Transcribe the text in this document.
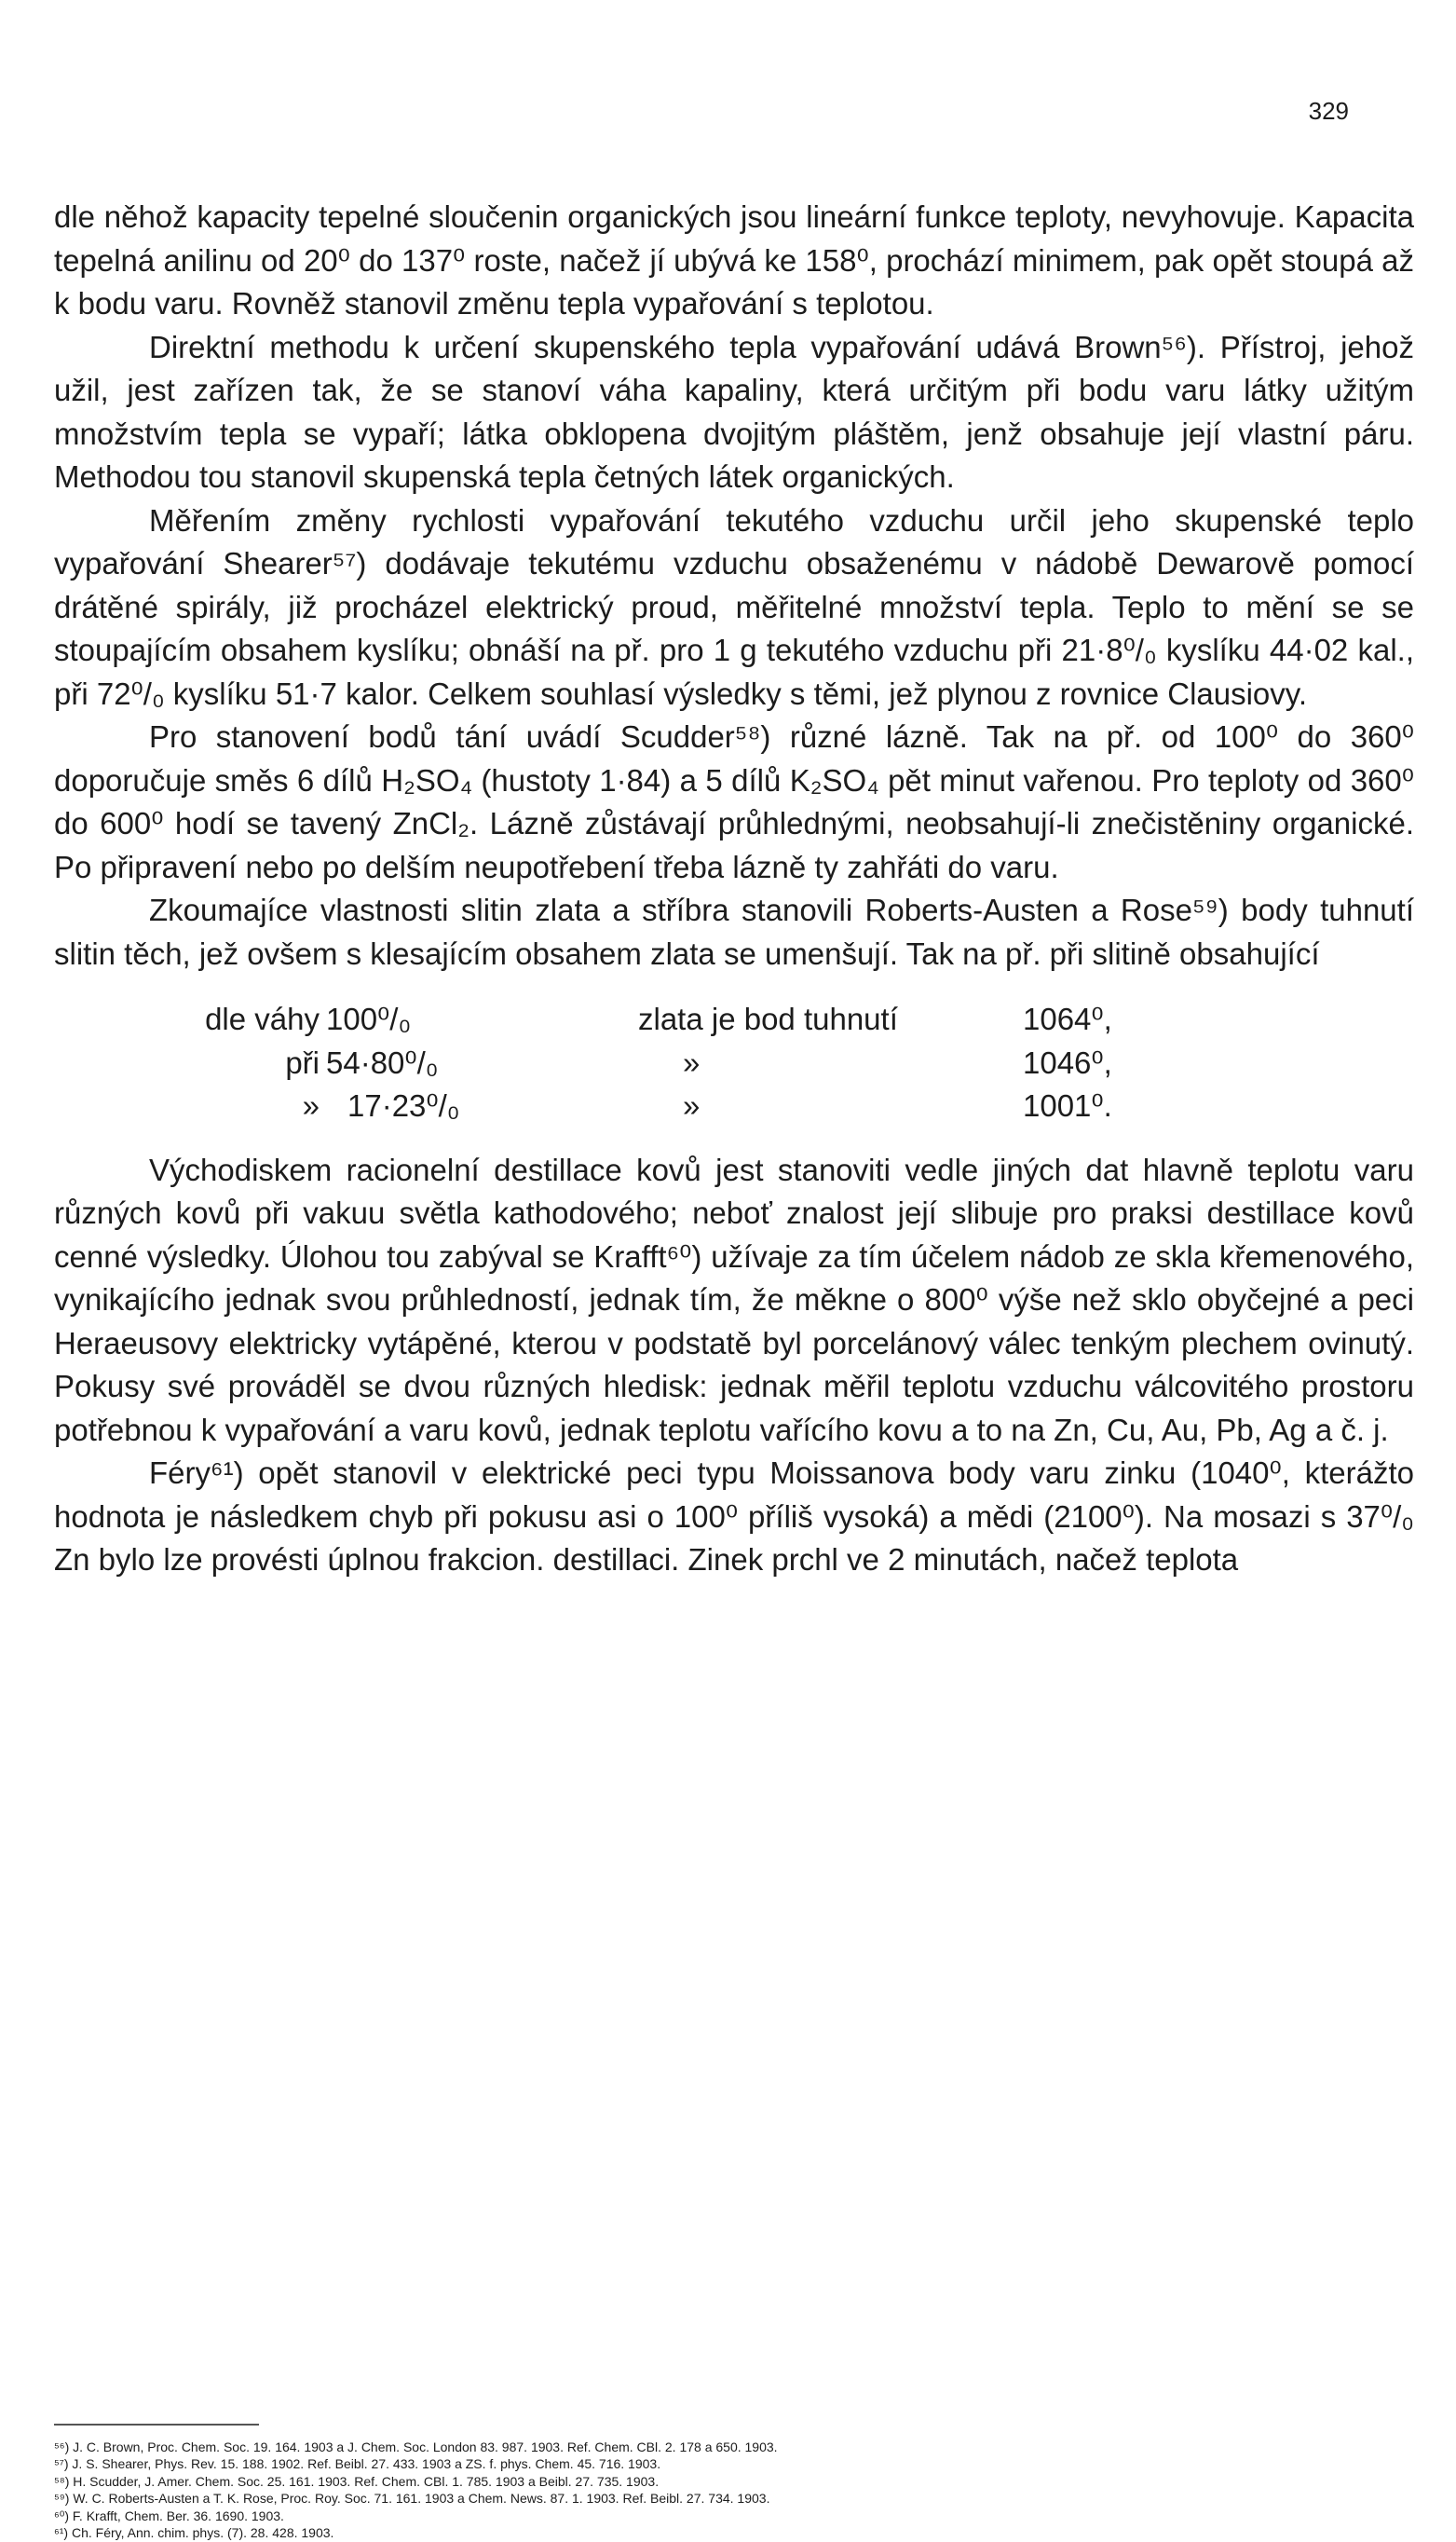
329

dle něhož kapacity tepelné sloučenin organických jsou lineární funkce teploty, nevyhovuje. Kapacita tepelná anilinu od 20⁰ do 137⁰ roste, načež jí ubývá ke 158⁰, prochází minimem, pak opět stoupá až k bodu varu. Rovněž stanovil změnu tepla vypařování s teplotou.

Direktní methodu k určení skupenského tepla vypařování udává Brown⁵⁶). Přístroj, jehož užil, jest zařízen tak, že se stanoví váha kapaliny, která určitým při bodu varu látky užitým množstvím tepla se vypaří; látka obklopena dvojitým pláštěm, jenž obsahuje její vlastní páru. Methodou tou stanovil skupenská tepla četných látek organických.

Měřením změny rychlosti vypařování tekutého vzduchu určil jeho skupenské teplo vypařování Shearer⁵⁷) dodávaje tekutému vzduchu obsaženému v nádobě Dewarově pomocí drátěné spirály, již procházel elektrický proud, měřitelné množství tepla. Teplo to mění se se stoupajícím obsahem kyslíku; obnáší na př. pro 1 g tekutého vzduchu při 21·8⁰/₀ kyslíku 44·02 kal., při 72⁰/₀ kyslíku 51·7 kalor. Celkem souhlasí výsledky s těmi, jež plynou z rovnice Clausiovy.

Pro stanovení bodů tání uvádí Scudder⁵⁸) různé lázně. Tak na př. od 100⁰ do 360⁰ doporučuje směs 6 dílů H₂SO₄ (hustoty 1·84) a 5 dílů K₂SO₄ pět minut vařenou. Pro teploty od 360⁰ do 600⁰ hodí se tavený ZnCl₂. Lázně zůstávají průhlednými, neobsahují-li znečistěniny organické. Po připravení nebo po delším neupotřebení třeba lázně ty zahřáti do varu.

Zkoumajíce vlastnosti slitin zlata a stříbra stanovili Roberts-Austen a Rose⁵⁹) body tuhnutí slitin těch, jež ovšem s klesajícím obsahem zlata se umenšují. Tak na př. při slitině obsahující

dle váhy 100⁰/₀	zlata je bod tuhnutí	1064⁰,
při 54·80⁰/₀	»	1046⁰,
» 17·23⁰/₀	»	1001⁰.

Východiskem racionelní destillace kovů jest stanoviti vedle jiných dat hlavně teplotu varu různých kovů při vakuu světla kathodového; neboť znalost její slibuje pro praksi destillace kovů cenné výsledky. Úlohou tou zabýval se Krafft⁶⁰) užívaje za tím účelem nádob ze skla křemenového, vynikajícího jednak svou průhledností, jednak tím, že měkne o 800⁰ výše než sklo obyčejné a peci Heraeusovy elektricky vytápěné, kterou v podstatě byl porcelánový válec tenkým plechem ovinutý. Pokusy své prováděl se dvou různých hledisk: jednak měřil teplotu vzduchu válcovitého prostoru potřebnou k vypařování a varu kovů, jednak teplotu vařícího kovu a to na Zn, Cu, Au, Pb, Ag a č. j.

Féry⁶¹) opět stanovil v elektrické peci typu Moissanova body varu zinku (1040⁰, kterážto hodnota je následkem chyb při pokusu asi o 100⁰ příliš vysoká) a mědi (2100⁰). Na mosazi s 37⁰/₀ Zn bylo lze provésti úplnou frakcion. destillaci. Zinek prchl ve 2 minutách, načež teplota

⁵⁶) J. C. Brown, Proc. Chem. Soc. 19. 164. 1903 a J. Chem. Soc. London 83. 987. 1903. Ref. Chem. CBl. 2. 178 a 650. 1903.
⁵⁷) J. S. Shearer, Phys. Rev. 15. 188. 1902. Ref. Beibl. 27. 433. 1903 a ZS. f. phys. Chem. 45. 716. 1903.
⁵⁸) H. Scudder, J. Amer. Chem. Soc. 25. 161. 1903. Ref. Chem. CBl. 1. 785. 1903 a Beibl. 27. 735. 1903.
⁵⁹) W. C. Roberts-Austen a T. K. Rose, Proc. Roy. Soc. 71. 161. 1903 a Chem. News. 87. 1. 1903. Ref. Beibl. 27. 734. 1903.
⁶⁰) F. Krafft, Chem. Ber. 36. 1690. 1903.
⁶¹) Ch. Féry, Ann. chim. phys. (7). 28. 428. 1903.
